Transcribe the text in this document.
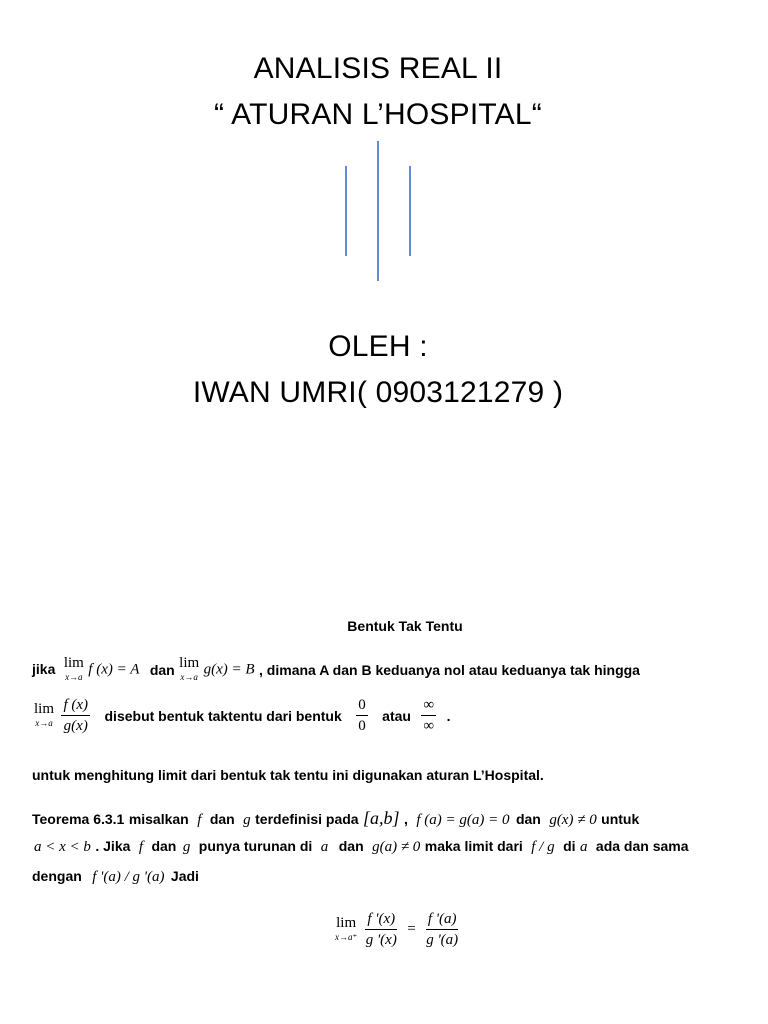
ANALISIS REAL II
“ ATURAN L’HOSPITAL“
OLEH :
IWAN UMRI( 0903121279 )
Bentuk Tak Tentu
jika lim
x→a f (x) = A dan lim
x→a g(x) = B , dimana A dan B keduanya nol atau keduanya tak hingga
lim
x→a
$\frac{f (x)}{g(x)}$ disebut bentuk taktentu dari bentuk $\frac{0}{0}$ atau $\frac{\infty}{\infty}$ .
untuk menghitung limit dari bentuk tak tentu ini digunakan aturan L’Hospital.
Teorema 6.3.1 misalkan f dan g terdefinisi pada [a,b] , f (a) = g(a) = 0 dan g(x) ≠ 0 untuk
a < x < b . Jika f dan g punya turunan di a dan g(a) ≠ 0 maka limit dari f / g di a ada dan sama
dengan f '(a) / g '(a) Jadi
lim
x→a⁺
$\frac{f '(x)}{g '(x)} = \frac{f '(a)}{g '(a)}$
